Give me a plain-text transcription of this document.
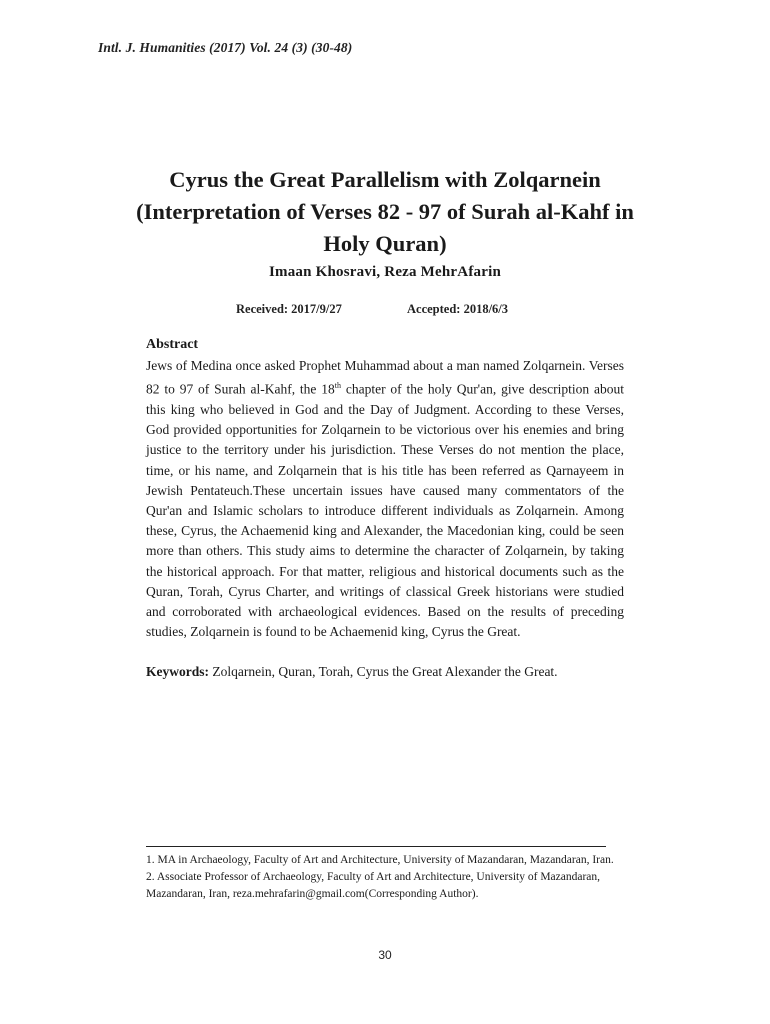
Intl. J. Humanities (2017) Vol. 24 (3) (30-48)
Cyrus the Great Parallelism with Zolqarnein
(Interpretation of Verses 82 - 97 of Surah al-Kahf in
Holy Quran)
Imaan Khosravi, Reza MehrAfarin
Received: 2017/9/27	Accepted: 2018/6/3
Abstract
Jews of Medina once asked Prophet Muhammad about a man named Zolqarnein. Verses 82 to 97 of Surah al-Kahf, the 18th chapter of the holy Qur'an, give description about this king who believed in God and the Day of Judgment. According to these Verses, God provided opportunities for Zolqarnein to be victorious over his enemies and bring justice to the territory under his jurisdiction. These Verses do not mention the place, time, or his name, and Zolqarnein that is his title has been referred as Qarnayeem in Jewish Pentateuch.These uncertain issues have caused many commentators of the Qur'an and Islamic scholars to introduce different individuals as Zolqarnein. Among these, Cyrus, the Achaemenid king and Alexander, the Macedonian king, could be seen more than others. This study aims to determine the character of Zolqarnein, by taking the historical approach. For that matter, religious and historical documents such as the Quran, Torah, Cyrus Charter, and writings of classical Greek historians were studied and corroborated with archaeological evidences. Based on the results of preceding studies, Zolqarnein is found to be Achaemenid king, Cyrus the Great.
Keywords: Zolqarnein, Quran, Torah, Cyrus the Great Alexander the Great.
1. MA in Archaeology, Faculty of Art and Architecture, University of Mazandaran, Mazandaran, Iran.
2. Associate Professor of Archaeology, Faculty of Art and Architecture, University of Mazandaran, Mazandaran, Iran, reza.mehrafarin@gmail.com(Corresponding Author).
30
